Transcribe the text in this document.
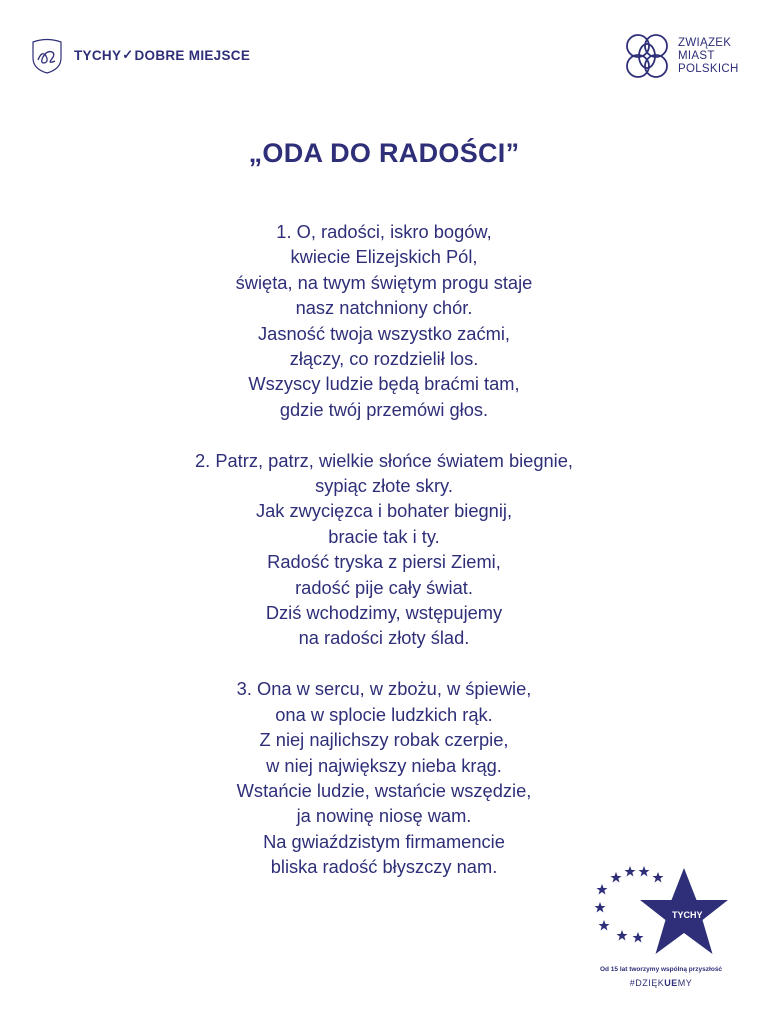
TYCHY ✓ DOBRE MIEJSCE
ZWIĄZEK
MIAST
POLSKICH
„ODA DO RADOŚCI”
1. O, radości, iskro bogów,
kwiecie Elizejskich Pól,
święta, na twym świętym progu staje
nasz natchniony chór.
Jasność twoja wszystko zaćmi,
złączy, co rozdzielił los.
Wszyscy ludzie będą braćmi tam,
gdzie twój przemówi głos.
2. Patrz, patrz, wielkie słońce światem biegnie,
sypiąc złote skry.
Jak zwycięzca i bohater biegnij,
bracie tak i ty.
Radość tryska z piersi Ziemi,
radość pije cały świat.
Dziś wchodzimy, wstępujemy
na radości złoty ślad.
3. Ona w sercu, w zbożu, w śpiewie,
ona w splocie ludzkich rąk.
Z niej najlichszy robak czerpie,
w niej największy nieba krąg.
Wstańcie ludzie, wstańcie wszędzie,
ja nowinę niosę wam.
Na gwiaździstym firmamencie
bliska radość błyszczy nam.
TYCHY
Od 15 lat tworzymy wspólną przyszłość
#DZIĘKUEMY
